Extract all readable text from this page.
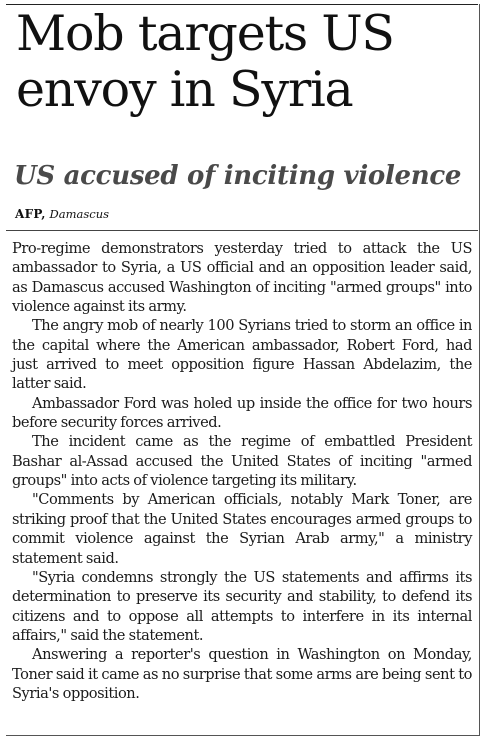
Mob targets US envoy in Syria
US accused of inciting violence
AFP, Damascus

Pro-regime demonstrators yesterday tried to attack the US ambassador to Syria, a US official and an opposition leader said, as Damascus accused Washington of inciting "armed groups" into violence against its army.

The angry mob of nearly 100 Syrians tried to storm an office in the capital where the American ambassador, Robert Ford, had just arrived to meet opposition figure Hassan Abdelazim, the latter said.

Ambassador Ford was holed up inside the office for two hours before security forces arrived.

The incident came as the regime of embattled President Bashar al-Assad accused the United States of inciting "armed groups" into acts of violence targeting its military.

"Comments by American officials, notably Mark Toner, are striking proof that the United States encourages armed groups to commit violence against the Syrian Arab army," a ministry statement said.

"Syria condemns strongly the US statements and affirms its determination to preserve its security and stability, to defend its citizens and to oppose all attempts to interfere in its internal affairs," said the statement.

Answering a reporter's question in Washington on Monday, Toner said it came as no surprise that some arms are being sent to Syria's opposition.
